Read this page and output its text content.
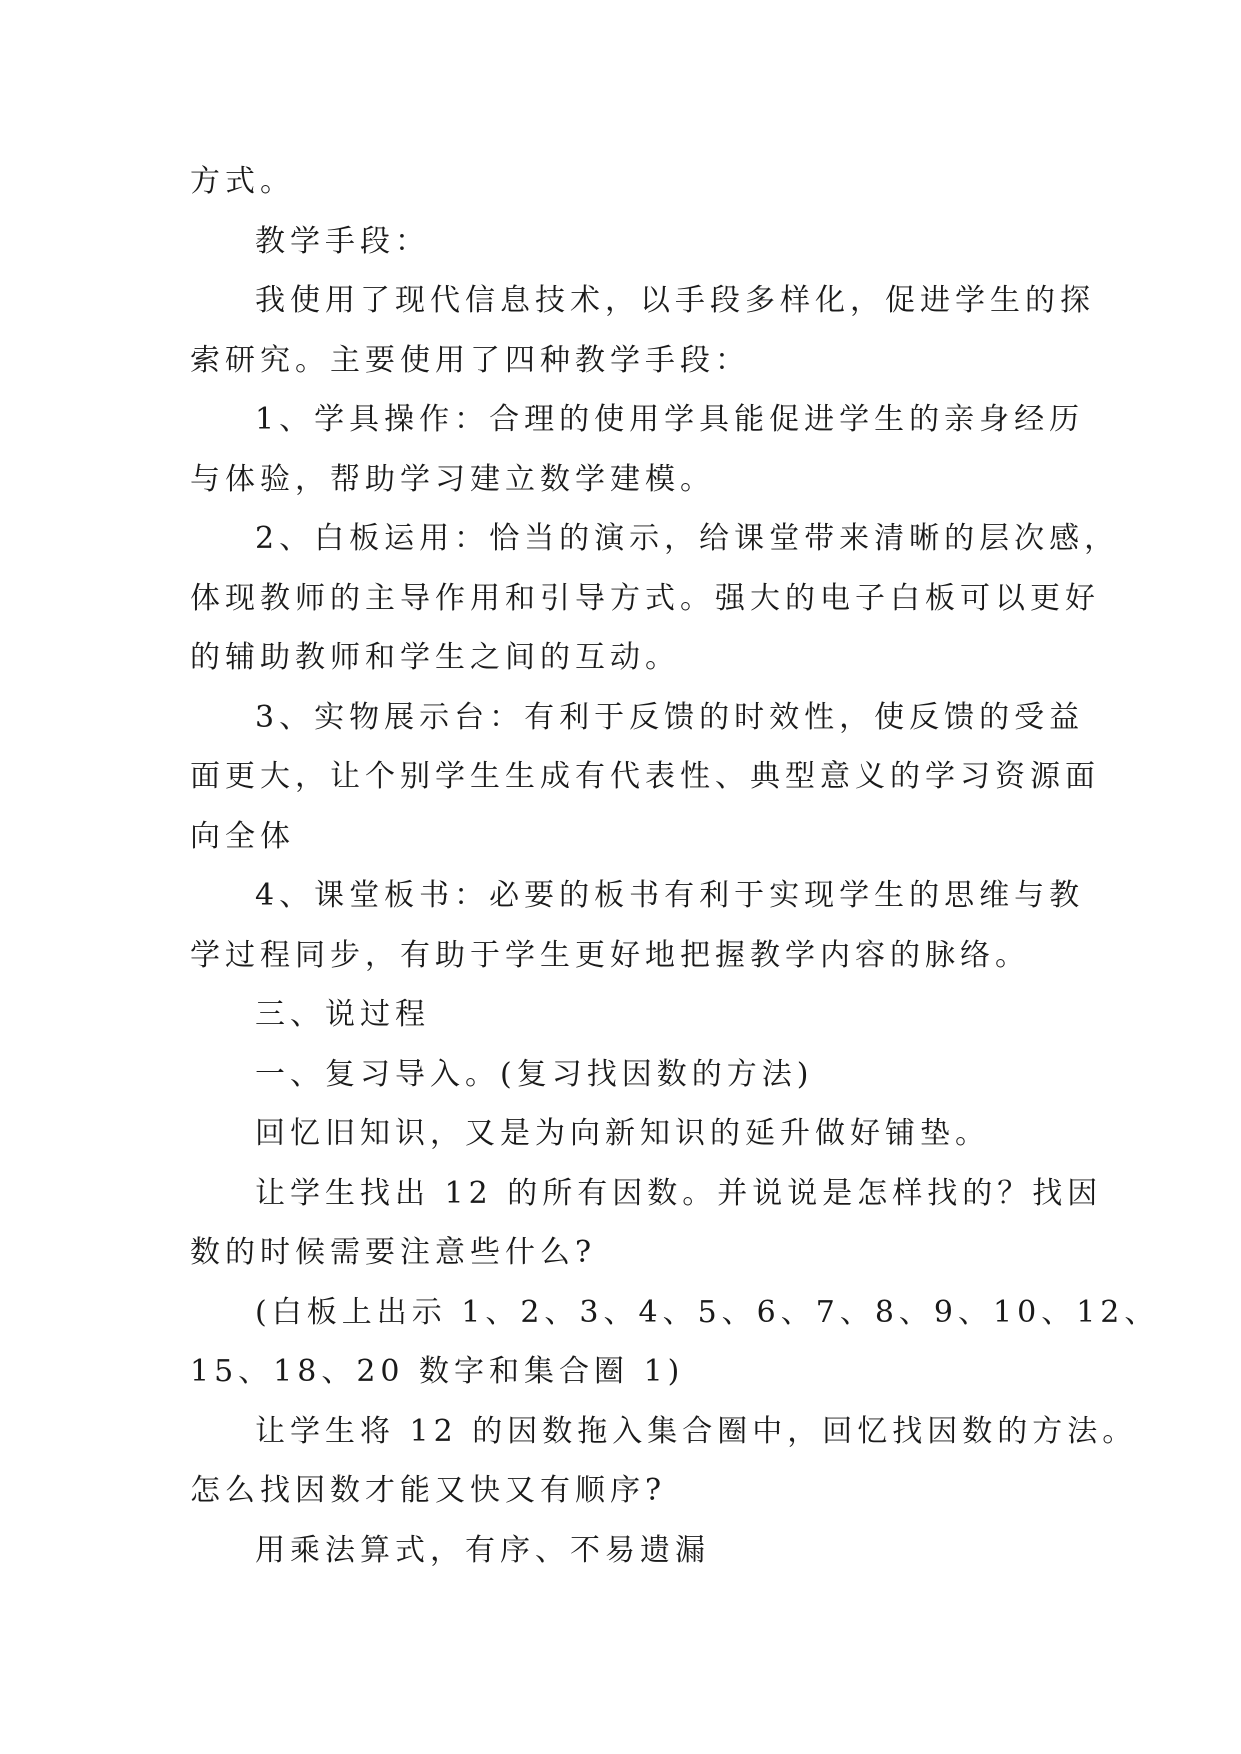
方式。
教学手段：
我使用了现代信息技术，以手段多样化，促进学生的探
索研究。主要使用了四种教学手段：
1、学具操作：合理的使用学具能促进学生的亲身经历
与体验，帮助学习建立数学建模。
2、白板运用：恰当的演示，给课堂带来清晰的层次感，
体现教师的主导作用和引导方式。强大的电子白板可以更好
的辅助教师和学生之间的互动。
3、实物展示台：有利于反馈的时效性，使反馈的受益
面更大，让个别学生生成有代表性、典型意义的学习资源面
向全体
4、课堂板书：必要的板书有利于实现学生的思维与教
学过程同步，有助于学生更好地把握教学内容的脉络。
三、说过程
一、复习导入。(复习找因数的方法)
回忆旧知识，又是为向新知识的延升做好铺垫。
让学生找出 12 的所有因数。并说说是怎样找的？找因
数的时候需要注意些什么?
(白板上出示 1、2、3、4、5、6、7、8、9、10、12、
15、18、20 数字和集合圈 1)
让学生将 12 的因数拖入集合圈中，回忆找因数的方法。
怎么找因数才能又快又有顺序?
用乘法算式，有序、不易遗漏
